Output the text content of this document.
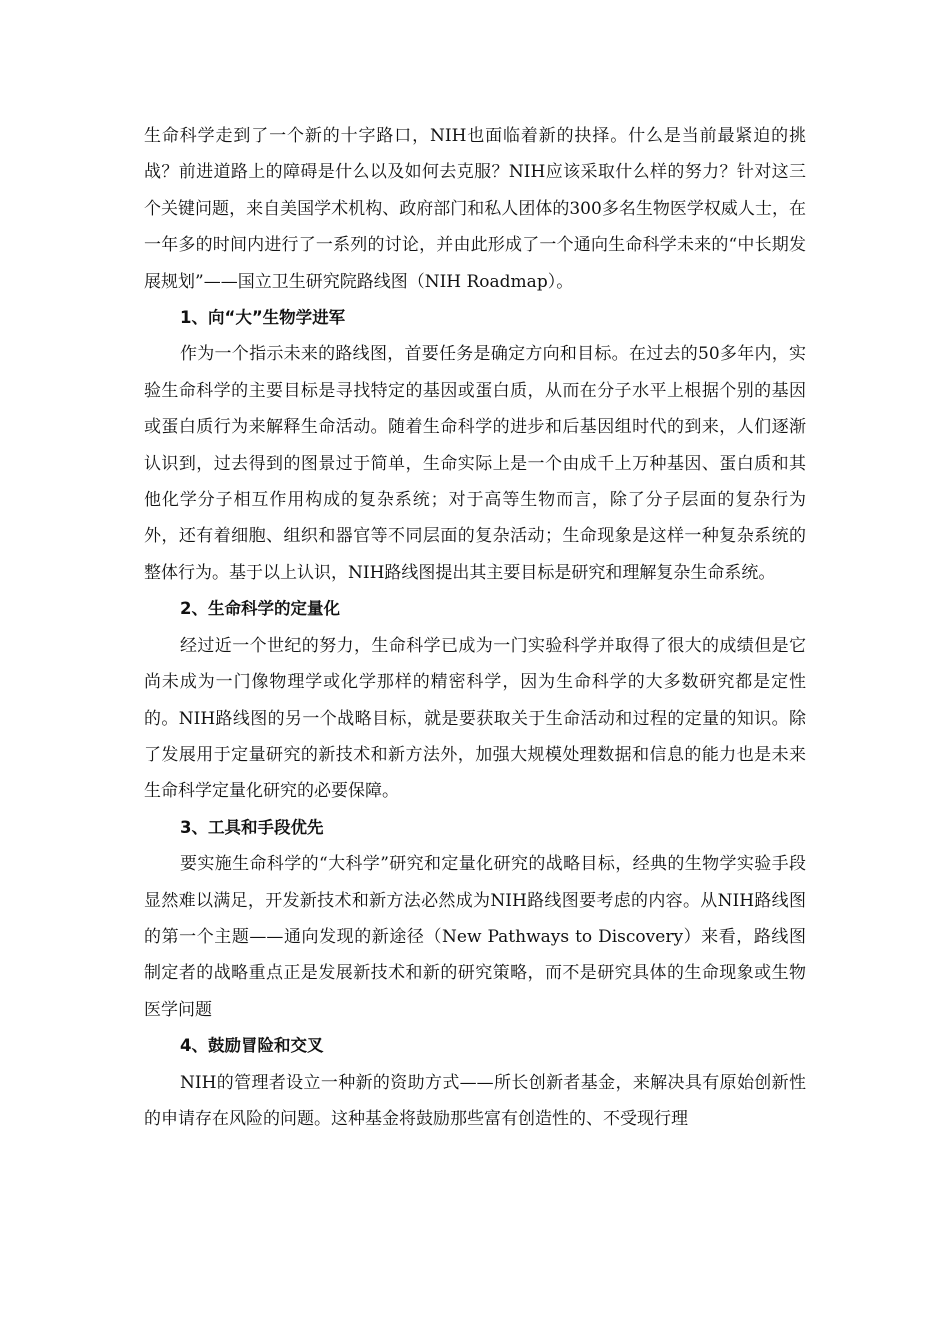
生命科学走到了一个新的十字路口，NIH也面临着新的抉择。什么是当前最紧迫的挑战？前进道路上的障碍是什么以及如何去克服？NIH应该采取什么样的努力？针对这三个关键问题，来自美国学术机构、政府部门和私人团体的300多名生物医学权威人士，在一年多的时间内进行了一系列的讨论，并由此形成了一个通向生命科学未来的“中长期发展规划”——国立卫生研究院路线图（NIH Roadmap）。

1、向“大”生物学进军

作为一个指示未来的路线图，首要任务是确定方向和目标。在过去的50多年内，实验生命科学的主要目标是寻找特定的基因或蛋白质，从而在分子水平上根据个别的基因或蛋白质行为来解释生命活动。随着生命科学的进步和后基因组时代的到来，人们逐渐认识到，过去得到的图景过于简单，生命实际上是一个由成千上万种基因、蛋白质和其他化学分子相互作用构成的复杂系统；对于高等生物而言，除了分子层面的复杂行为外，还有着细胞、组织和器官等不同层面的复杂活动；生命现象是这样一种复杂系统的整体行为。基于以上认识，NIH路线图提出其主要目标是研究和理解复杂生命系统。

2、生命科学的定量化

经过近一个世纪的努力，生命科学已成为一门实验科学并取得了很大的成绩但是它尚未成为一门像物理学或化学那样的精密科学，因为生命科学的大多数研究都是定性的。NIH路线图的另一个战略目标，就是要获取关于生命活动和过程的定量的知识。除了发展用于定量研究的新技术和新方法外，加强大规模处理数据和信息的能力也是未来生命科学定量化研究的必要保障。

3、工具和手段优先

要实施生命科学的“大科学”研究和定量化研究的战略目标，经典的生物学实验手段显然难以满足，开发新技术和新方法必然成为NIH路线图要考虑的内容。从NIH路线图的第一个主题——通向发现的新途径（New Pathways to Discovery）来看，路线图制定者的战略重点正是发展新技术和新的研究策略，而不是研究具体的生命现象或生物医学问题

4、鼓励冒险和交叉

NIH的管理者设立一种新的资助方式——所长创新者基金，来解决具有原始创新性的申请存在风险的问题。这种基金将鼓励那些富有创造性的、不受现行理
